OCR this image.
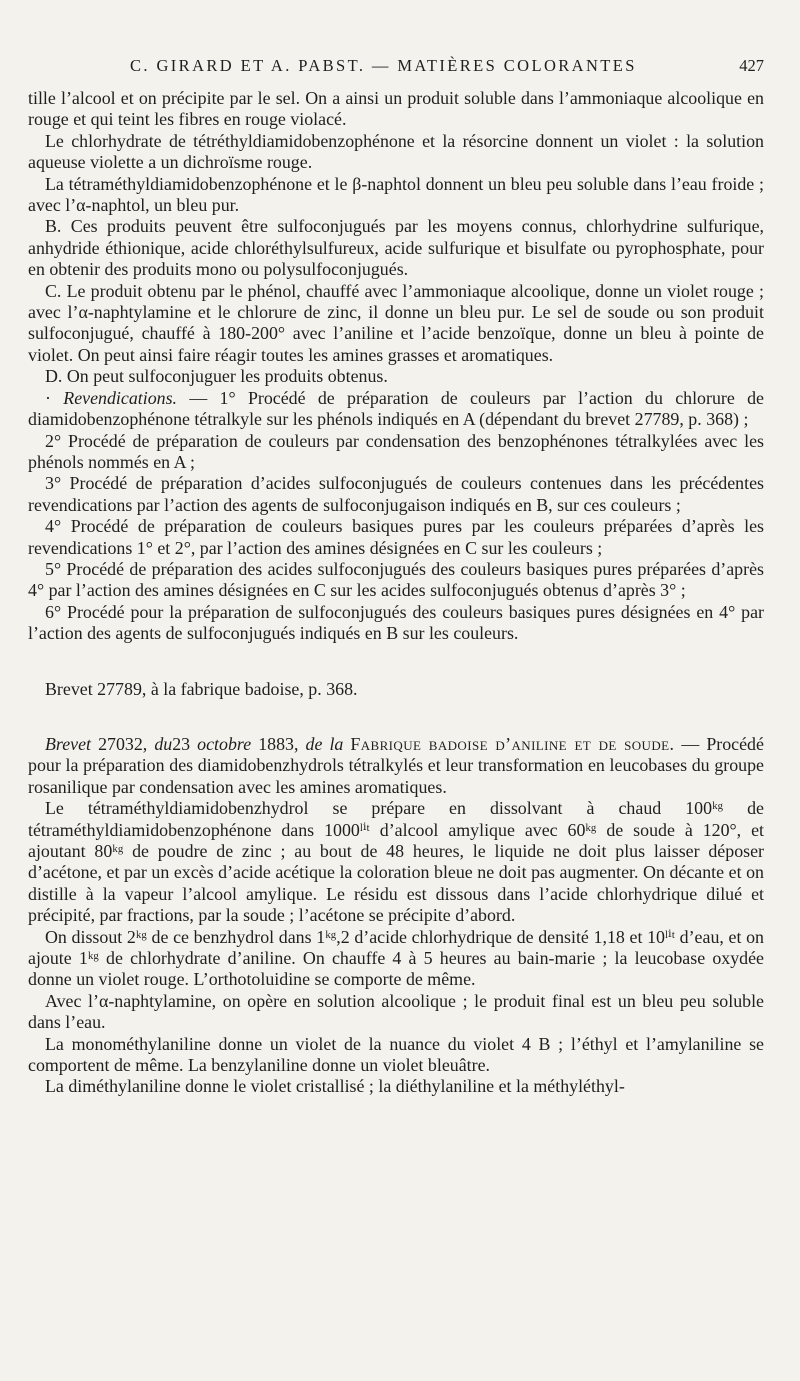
C. GIRARD ET A. PABST. — MATIÈRES COLORANTES	427

tille l’alcool et on précipite par le sel. On a ainsi un produit soluble dans l’ammoniaque alcoolique en rouge et qui teint les fibres en rouge violacé.

Le chlorhydrate de tétréthyldiamidobenzophénone et la résorcine donnent un violet : la solution aqueuse violette a un dichroïsme rouge.

La tétraméthyldiamidobenzophénone et le β-naphtol donnent un bleu peu soluble dans l’eau froide ; avec l’α-naphtol, un bleu pur.

B. Ces produits peuvent être sulfoconjugués par les moyens connus, chlorhydrine sulfurique, anhydride éthionique, acide chloréthylsulfureux, acide sulfurique et bisulfate ou pyrophosphate, pour en obtenir des produits mono ou polysulfoconjugués.

C. Le produit obtenu par le phénol, chauffé avec l’ammoniaque alcoolique, donne un violet rouge ; avec l’α-naphtylamine et le chlorure de zinc, il donne un bleu pur. Le sel de soude ou son produit sulfoconjugué, chauffé à 180-200° avec l’aniline et l’acide benzoïque, donne un bleu à pointe de violet. On peut ainsi faire réagir toutes les amines grasses et aromatiques.

D. On peut sulfoconjuguer les produits obtenus.

· Revendications. — 1° Procédé de préparation de couleurs par l’action du chlorure de diamidobenzophénone tétralkyle sur les phénols indiqués en A (dépendant du brevet 27789, p. 368) ;

2° Procédé de préparation de couleurs par condensation des benzophénones tétralkylées avec les phénols nommés en A ;

3° Procédé de préparation d’acides sulfoconjugués de couleurs contenues dans les précédentes revendications par l’action des agents de sulfoconjugaison indiqués en B, sur ces couleurs ;

4° Procédé de préparation de couleurs basiques pures par les couleurs préparées d’après les revendications 1° et 2°, par l’action des amines désignées en C sur les couleurs ;

5° Procédé de préparation des acides sulfoconjugués des couleurs basiques pures préparées d’après 4° par l’action des amines désignées en C sur les acides sulfoconjugués obtenus d’après 3° ;

6° Procédé pour la préparation de sulfoconjugués des couleurs basiques pures désignées en 4° par l’action des agents de sulfoconjugués indiqués en B sur les couleurs.

Brevet 27789, à la fabrique badoise, p. 368.

Brevet 27032, du23 octobre 1883, de la Fabrique badoise d’aniline et de soude. — Procédé pour la préparation des diamidobenzhydrols tétralkylés et leur transformation en leucobases du groupe rosanilique par condensation avec les amines aromatiques.

Le tétraméthyldiamidobenzhydrol se prépare en dissolvant à chaud 100ᵏᵍ de tétraméthyldiamidobenzophénone dans 1000ˡⁱᵗ d’alcool amylique avec 60ᵏᵍ de soude à 120°, et ajoutant 80ᵏᵍ de poudre de zinc ; au bout de 48 heures, le liquide ne doit plus laisser déposer d’acétone, et par un excès d’acide acétique la coloration bleue ne doit pas augmenter. On décante et on distille à la vapeur l’alcool amylique. Le résidu est dissous dans l’acide chlorhydrique dilué et précipité, par fractions, par la soude ; l’acétone se précipite d’abord.

On dissout 2ᵏᵍ de ce benzhydrol dans 1ᵏᵍ,2 d’acide chlorhydrique de densité 1,18 et 10ˡⁱᵗ d’eau, et on ajoute 1ᵏᵍ de chlorhydrate d’aniline. On chauffe 4 à 5 heures au bain-marie ; la leucobase oxydée donne un violet rouge. L’orthotoluidine se comporte de même.

Avec l’α-naphtylamine, on opère en solution alcoolique ; le produit final est un bleu peu soluble dans l’eau.

La monométhylaniline donne un violet de la nuance du violet 4 B ; l’éthyl et l’amylaniline se comportent de même. La benzylaniline donne un violet bleuâtre.

La diméthylaniline donne le violet cristallisé ; la diéthylaniline et la méthyléthyl-
